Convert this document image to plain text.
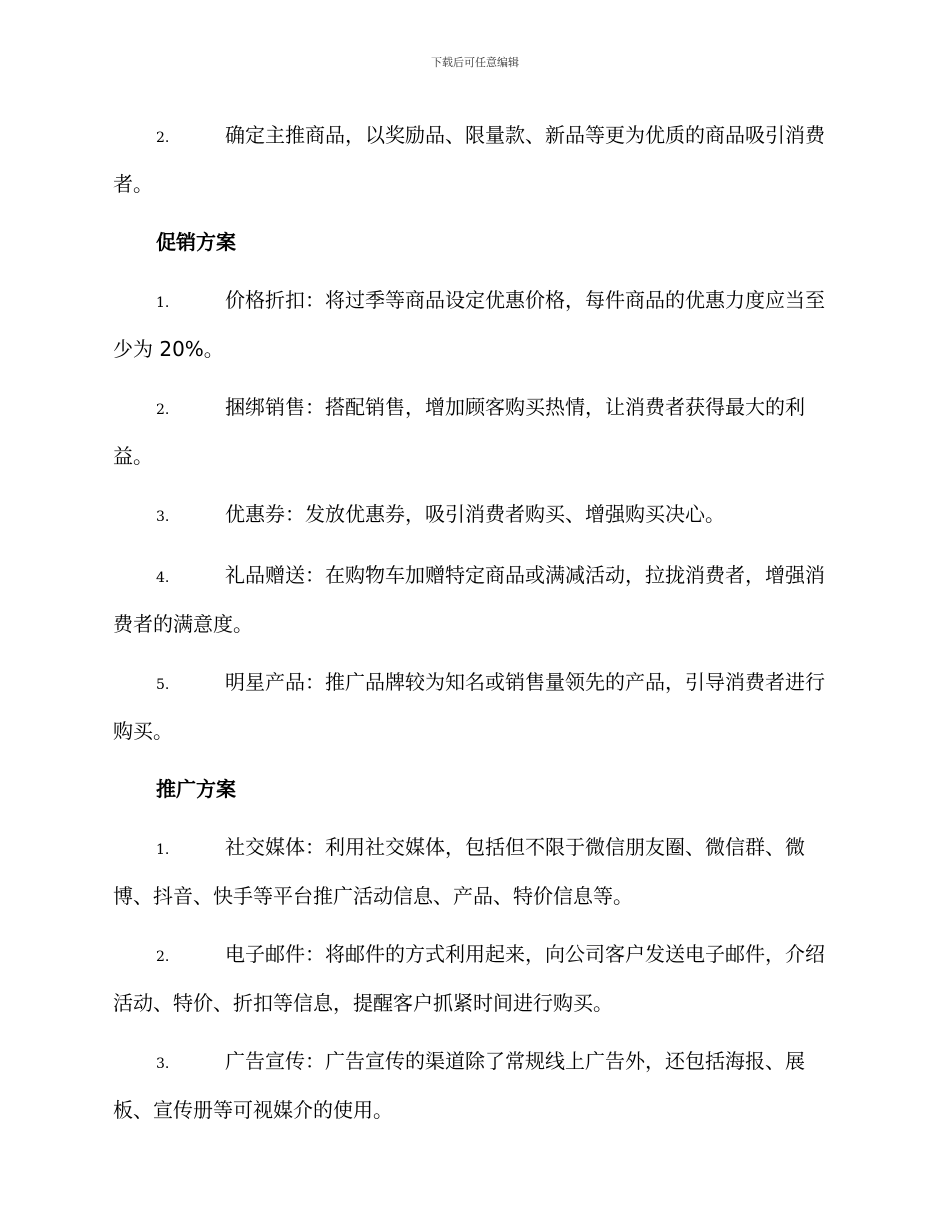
下载后可任意编辑

2.	确定主推商品，以奖励品、限量款、新品等更为优质的商品吸引消费者。

促销方案

1.	价格折扣：将过季等商品设定优惠价格，每件商品的优惠力度应当至少为 20%。

2.	捆绑销售：搭配销售，增加顾客购买热情，让消费者获得最大的利益。

3.	优惠券：发放优惠券，吸引消费者购买、增强购买决心。

4.	礼品赠送：在购物车加赠特定商品或满减活动，拉拢消费者，增强消费者的满意度。

5.	明星产品：推广品牌较为知名或销售量领先的产品，引导消费者进行购买。

推广方案

1.	社交媒体：利用社交媒体，包括但不限于微信朋友圈、微信群、微博、抖音、快手等平台推广活动信息、产品、特价信息等。

2.	电子邮件：将邮件的方式利用起来，向公司客户发送电子邮件，介绍活动、特价、折扣等信息，提醒客户抓紧时间进行购买。

3.	广告宣传：广告宣传的渠道除了常规线上广告外，还包括海报、展板、宣传册等可视媒介的使用。
